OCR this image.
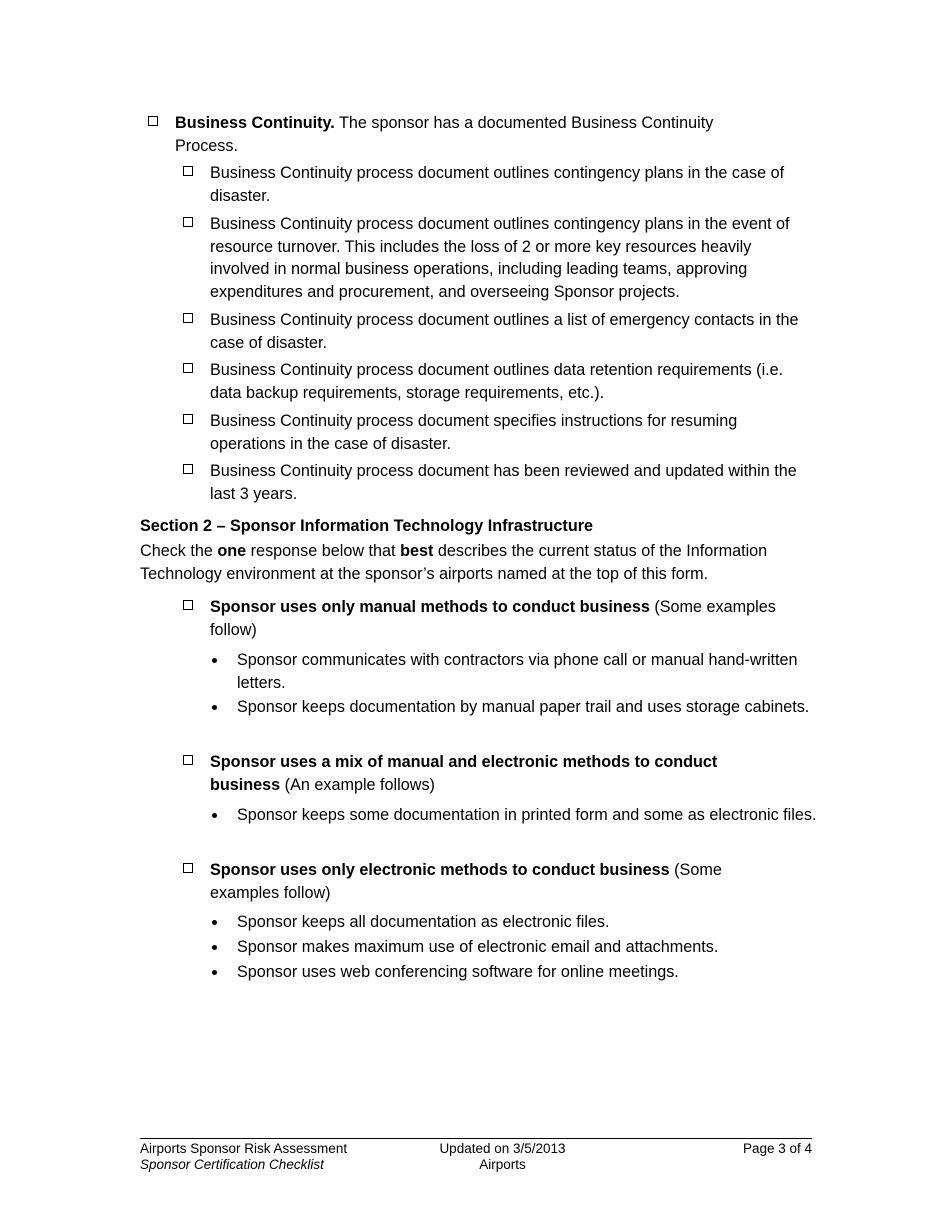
Business Continuity. The sponsor has a documented Business Continuity Process.
Business Continuity process document outlines contingency plans in the case of disaster.
Business Continuity process document outlines contingency plans in the event of resource turnover. This includes the loss of 2 or more key resources heavily involved in normal business operations, including leading teams, approving expenditures and procurement, and overseeing Sponsor projects.
Business Continuity process document outlines a list of emergency contacts in the case of disaster.
Business Continuity process document outlines data retention requirements (i.e. data backup requirements, storage requirements, etc.).
Business Continuity process document specifies instructions for resuming operations in the case of disaster.
Business Continuity process document has been reviewed and updated within the last 3 years.
Section 2 – Sponsor Information Technology Infrastructure
Check the one response below that best describes the current status of the Information Technology environment at the sponsor’s airports named at the top of this form.
Sponsor uses only manual methods to conduct business (Some examples follow)
Sponsor communicates with contractors via phone call or manual hand-written letters.
Sponsor keeps documentation by manual paper trail and uses storage cabinets.
Sponsor uses a mix of manual and electronic methods to conduct business (An example follows)
Sponsor keeps some documentation in printed form and some as electronic files.
Sponsor uses only electronic methods to conduct business (Some examples follow)
Sponsor keeps all documentation as electronic files.
Sponsor makes maximum use of electronic email and attachments.
Sponsor uses web conferencing software for online meetings.
Airports Sponsor Risk Assessment
Sponsor Certification Checklist
Updated on 3/5/2013
Airports
Page 3 of 4
